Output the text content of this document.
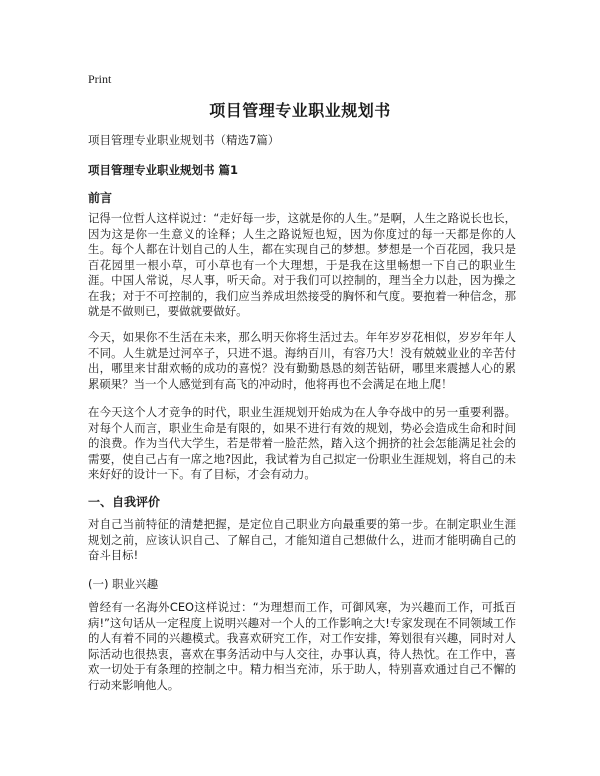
Print
项目管理专业职业规划书
项目管理专业职业规划书（精选7篇）
项目管理专业职业规划书 篇1
前言
记得一位哲人这样说过：“走好每一步，这就是你的人生。”是啊，人生之路说长也长，因为这是你一生意义的诠释；人生之路说短也短，因为你度过的每一天都是你的人生。每个人都在计划自己的人生，都在实现自己的梦想。梦想是一个百花园，我只是百花园里一根小草，可小草也有一个大理想，于是我在这里畅想一下自己的职业生涯。中国人常说，尽人事，听天命。对于我们可以控制的，理当全力以赴，因为操之在我；对于不可控制的，我们应当养成坦然接受的胸怀和气度。要抱着一种信念，那就是不做则已，要做就要做好。
今天，如果你不生活在未来，那么明天你将生活过去。年年岁岁花相似，岁岁年年人不同。人生就是过河卒子，只进不退。海纳百川，有容乃大！没有兢兢业业的辛苦付出，哪里来甘甜欢畅的成功的喜悦？没有勤勤恳恳的刻苦钻研，哪里来震撼人心的累累硕果？当一个人感觉到有高飞的冲动时，他将再也不会满足在地上爬！
在今天这个人才竞争的时代，职业生涯规划开始成为在人争夺战中的另一重要利器。对每个人而言，职业生命是有限的，如果不进行有效的规划，势必会造成生命和时间的浪费。作为当代大学生，若是带着一脸茫然，踏入这个拥挤的社会怎能满足社会的需要，使自己占有一席之地?因此，我试着为自己拟定一份职业生涯规划，将自己的未来好好的设计一下。有了目标，才会有动力。
一、自我评价
对自己当前特征的清楚把握，是定位自己职业方向最重要的第一步。在制定职业生涯规划之前，应该认识自己、了解自己，才能知道自己想做什么，进而才能明确自己的奋斗目标!
(一) 职业兴趣
曾经有一名海外CEO这样说过：“为理想而工作，可御风寒，为兴趣而工作，可抵百病!”这句话从一定程度上说明兴趣对一个人的工作影响之大!专家发现在不同领域工作的人有着不同的兴趣模式。我喜欢研究工作，对工作安排，筹划很有兴趣，同时对人际活动也很热衷，喜欢在事务活动中与人交往，办事认真，待人热忱。在工作中，喜欢一切处于有条理的控制之中。精力相当充沛，乐于助人，特别喜欢通过自己不懈的行动来影响他人。
